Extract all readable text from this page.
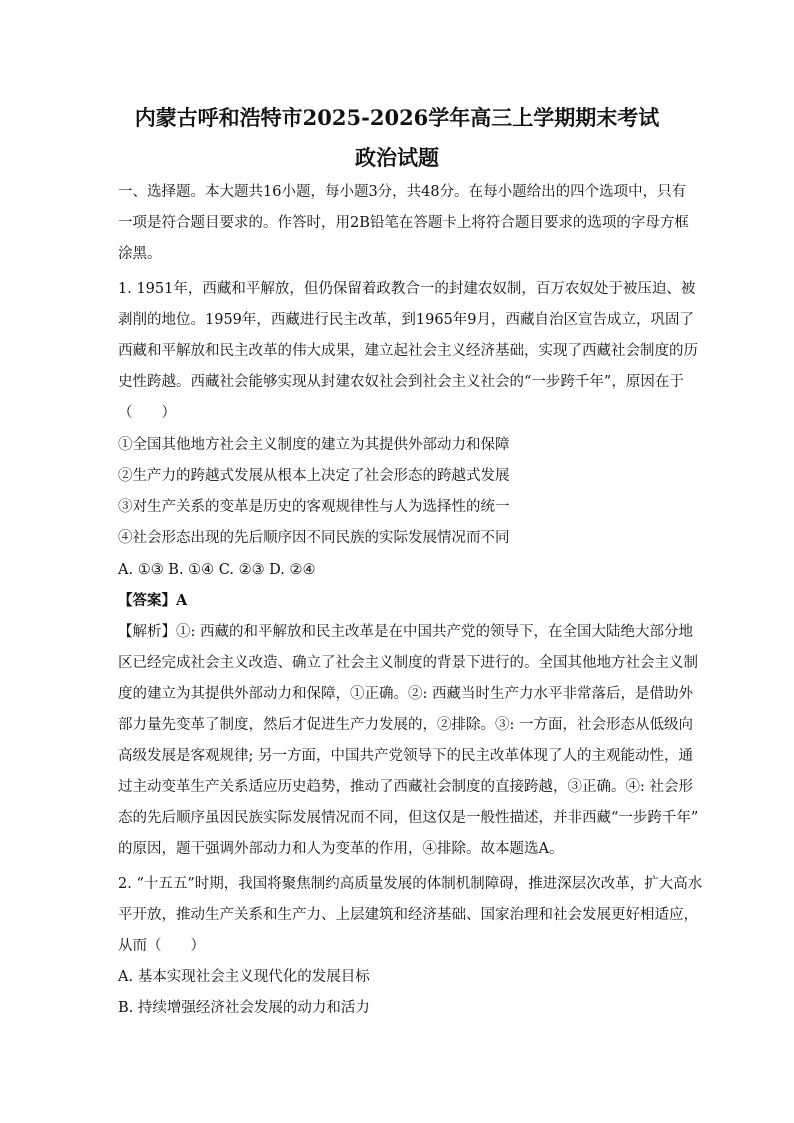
内蒙古呼和浩特市2025-2026学年高三上学期期末考试
政治试题
一、选择题。本大题共16小题，每小题3分，共48分。在每小题给出的四个选项中，只有
一项是符合题目要求的。作答时，用2B铅笔在答题卡上将符合题目要求的选项的字母方框
涂黑。
1. 1951年，西藏和平解放，但仍保留着政教合一的封建农奴制，百万农奴处于被压迫、被
剥削的地位。1959年，西藏进行民主改革，到1965年9月，西藏自治区宣告成立，巩固了
西藏和平解放和民主改革的伟大成果，建立起社会主义经济基础，实现了西藏社会制度的历
史性跨越。西藏社会能够实现从封建农奴社会到社会主义社会的“一步跨千年”，原因在于
（　　）
①全国其他地方社会主义制度的建立为其提供外部动力和保障
②生产力的跨越式发展从根本上决定了社会形态的跨越式发展
③对生产关系的变革是历史的客观规律性与人为选择性的统一
④社会形态出现的先后顺序因不同民族的实际发展情况而不同
A. ①③ B. ①④ C. ②③ D. ②④
【答案】A
【解析】①: 西藏的和平解放和民主改革是在中国共产党的领导下，在全国大陆绝大部分地
区已经完成社会主义改造、确立了社会主义制度的背景下进行的。全国其他地方社会主义制
度的建立为其提供外部动力和保障，①正确。②: 西藏当时生产力水平非常落后，是借助外
部力量先变革了制度，然后才促进生产力发展的，②排除。③: 一方面，社会形态从低级向
高级发展是客观规律; 另一方面，中国共产党领导下的民主改革体现了人的主观能动性，通
过主动变革生产关系适应历史趋势，推动了西藏社会制度的直接跨越，③正确。④: 社会形
态的先后顺序虽因民族实际发展情况而不同，但这仅是一般性描述，并非西藏“一步跨千年”
的原因，题干强调外部动力和人为变革的作用，④排除。故本题选A。
2. “十五五”时期，我国将聚焦制约高质量发展的体制机制障碍，推进深层次改革，扩大高水
平开放，推动生产关系和生产力、上层建筑和经济基础、国家治理和社会发展更好相适应，
从而（　　）
A. 基本实现社会主义现代化的发展目标
B. 持续增强经济社会发展的动力和活力
